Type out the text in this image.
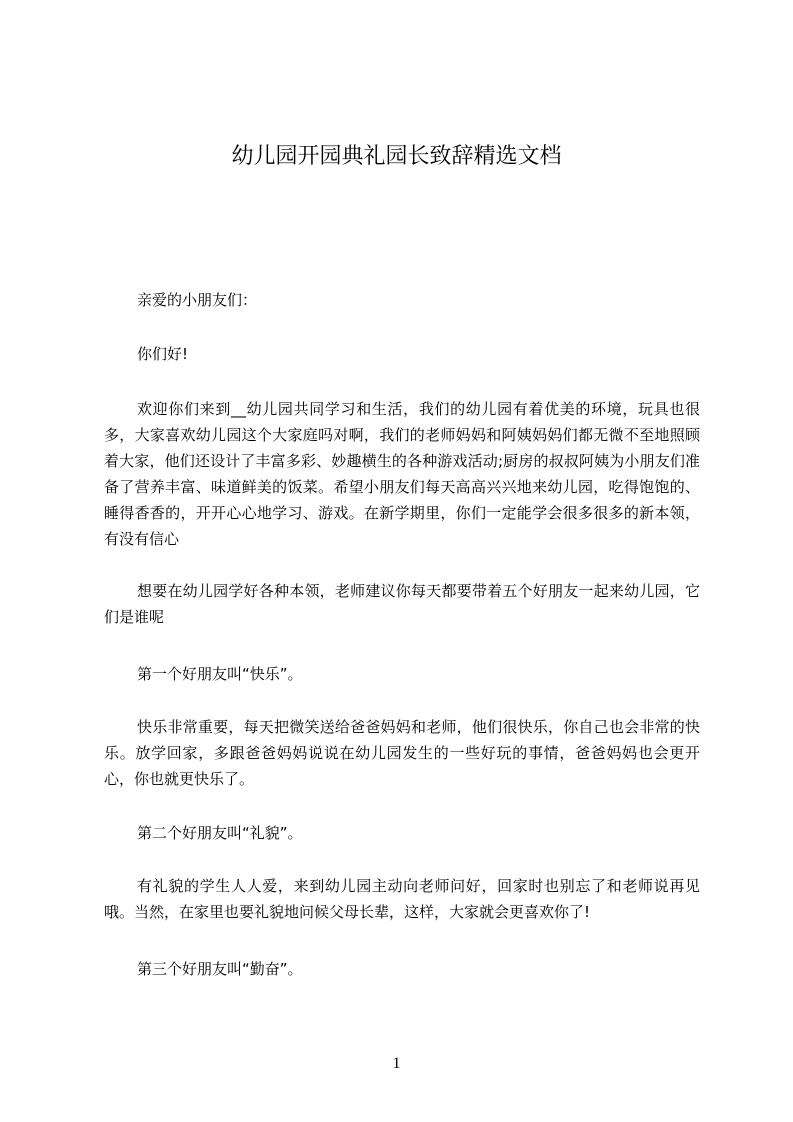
幼儿园开园典礼园长致辞精选文档
亲爱的小朋友们：
你们好!
欢迎你们来到__幼儿园共同学习和生活，我们的幼儿园有着优美的环境，玩具也很多，大家喜欢幼儿园这个大家庭吗对啊，我们的老师妈妈和阿姨妈妈们都无微不至地照顾着大家，他们还设计了丰富多彩、妙趣横生的各种游戏活动;厨房的叔叔阿姨为小朋友们准备了营养丰富、味道鲜美的饭菜。希望小朋友们每天高高兴兴地来幼儿园，吃得饱饱的、睡得香香的，开开心心地学习、游戏。在新学期里，你们一定能学会很多很多的新本领，有没有信心
想要在幼儿园学好各种本领，老师建议你每天都要带着五个好朋友一起来幼儿园，它们是谁呢
第一个好朋友叫“快乐”。
快乐非常重要，每天把微笑送给爸爸妈妈和老师，他们很快乐，你自己也会非常的快乐。放学回家，多跟爸爸妈妈说说在幼儿园发生的一些好玩的事情，爸爸妈妈也会更开心，你也就更快乐了。
第二个好朋友叫“礼貌”。
有礼貌的学生人人爱，来到幼儿园主动向老师问好，回家时也别忘了和老师说再见哦。当然，在家里也要礼貌地问候父母长辈，这样，大家就会更喜欢你了!
第三个好朋友叫“勤奋”。
1
